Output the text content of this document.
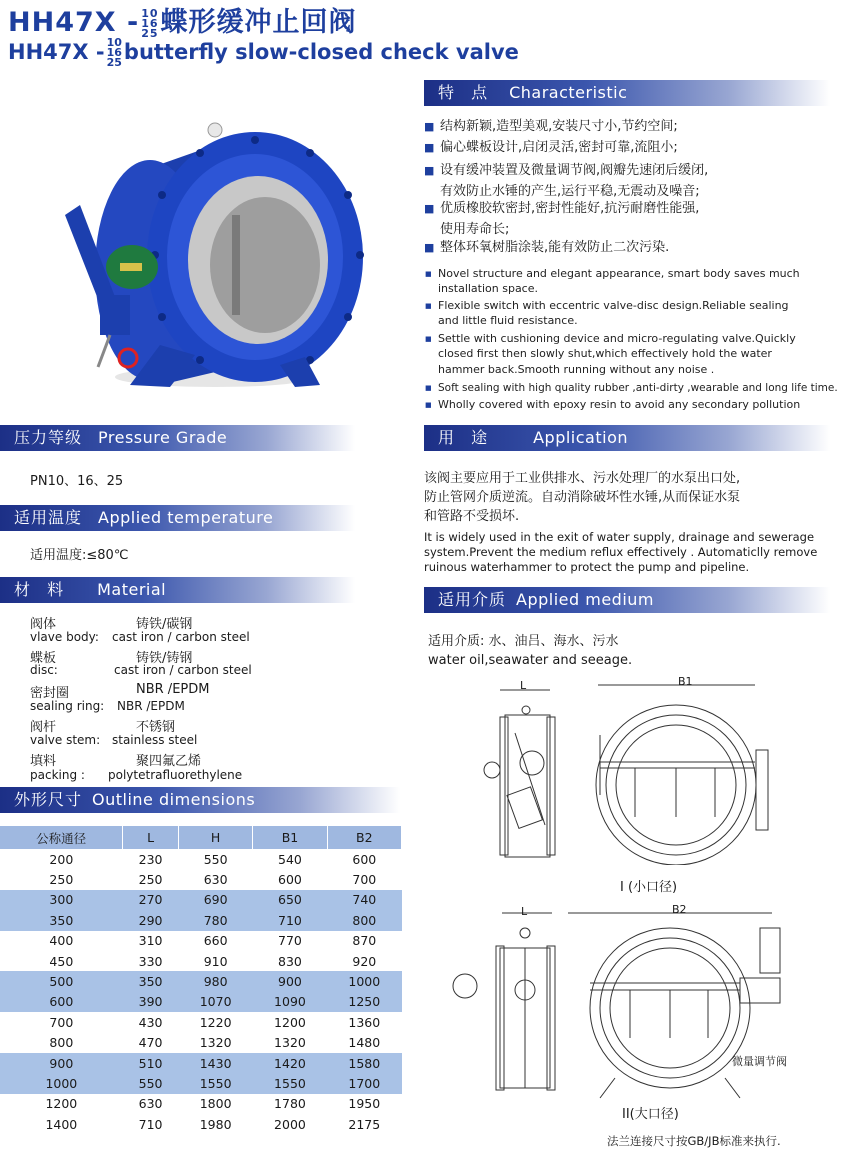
HH47X - 10
16
25 蝶形缓冲止回阀
HH47X - 10
16
25 butterfly slow-closed check valve
特 点 Characteristic
■ 结构新颖,造型美观,安装尺寸小,节约空间;
■ 偏心蝶板设计,启闭灵活,密封可靠,流阻小;
■ 设有缓冲装置及微量调节阀,阀瓣先速闭后缓闭,
有效防止水锤的产生,运行平稳,无震动及噪音;
■ 优质橡胶软密封,密封性能好,抗污耐磨性能强,
使用寿命长;
■ 整体环氧树脂涂装,能有效防止二次污染.
■ Novel structure and elegant appearance, smart body saves much
installation space.
■ Flexible switch with eccentric valve-disc design.Reliable sealing
and little fluid resistance.
■ Settle with cushioning device and micro-regulating valve.Quickly
closed first then slowly shut,which effectively hold the water
hammer back.Smooth running without any noise .
■ Soft sealing with high quality rubber ,anti-dirty ,wearable and long life time.
■ Wholly covered with epoxy resin to avoid any secondary pollution
压力等级 Pressure Grade
PN10、16、25
适用温度 Applied temperature
适用温度:≤80℃
材 料 Material
阀体	铸铁/碳钢
vlave body: cast iron / carbon steel
蝶板	铸铁/铸钢
disc:	cast iron / carbon steel
密封圈	NBR /EPDM
sealing ring: NBR /EPDM
阀杆	不锈钢
valve stem: stainless steel
填料	聚四氟乙烯
packing : polytetrafluorethylene
外形尺寸 Outline dimensions
公称通径	L	H	B1	B2
200	230	550	540	600
250	250	630	600	700
300	270	690	650	740
350	290	780	710	800
400	310	660	770	870
450	330	910	830	920
500	350	980	900	1000
600	390	1070	1090	1250
700	430	1220	1200	1360
800	470	1320	1320	1480
900	510	1430	1420	1580
1000	550	1550	1550	1700
1200	630	1800	1780	1950
1400	710	1980	2000	2175
用 途	Application
该阀主要应用于工业供排水、污水处理厂的水泵出口处,
防止管网介质逆流。自动消除破坏性水锤,从而保证水泵
和管路不受损坏.
It is widely used in the exit of water supply, drainage and sewerage
system.Prevent the medium reflux effectively . Automaticlly remove
ruinous waterhammer to protect the pump and pipeline.
适用介质 Applied medium
适用介质: 水、油吕、海水、污水
water oil,seawater and seeage.
L	B1
I (小口径)
L	B2
微量调节阀
II(大口径)
法兰连接尺寸按GB/JB标准来执行.
